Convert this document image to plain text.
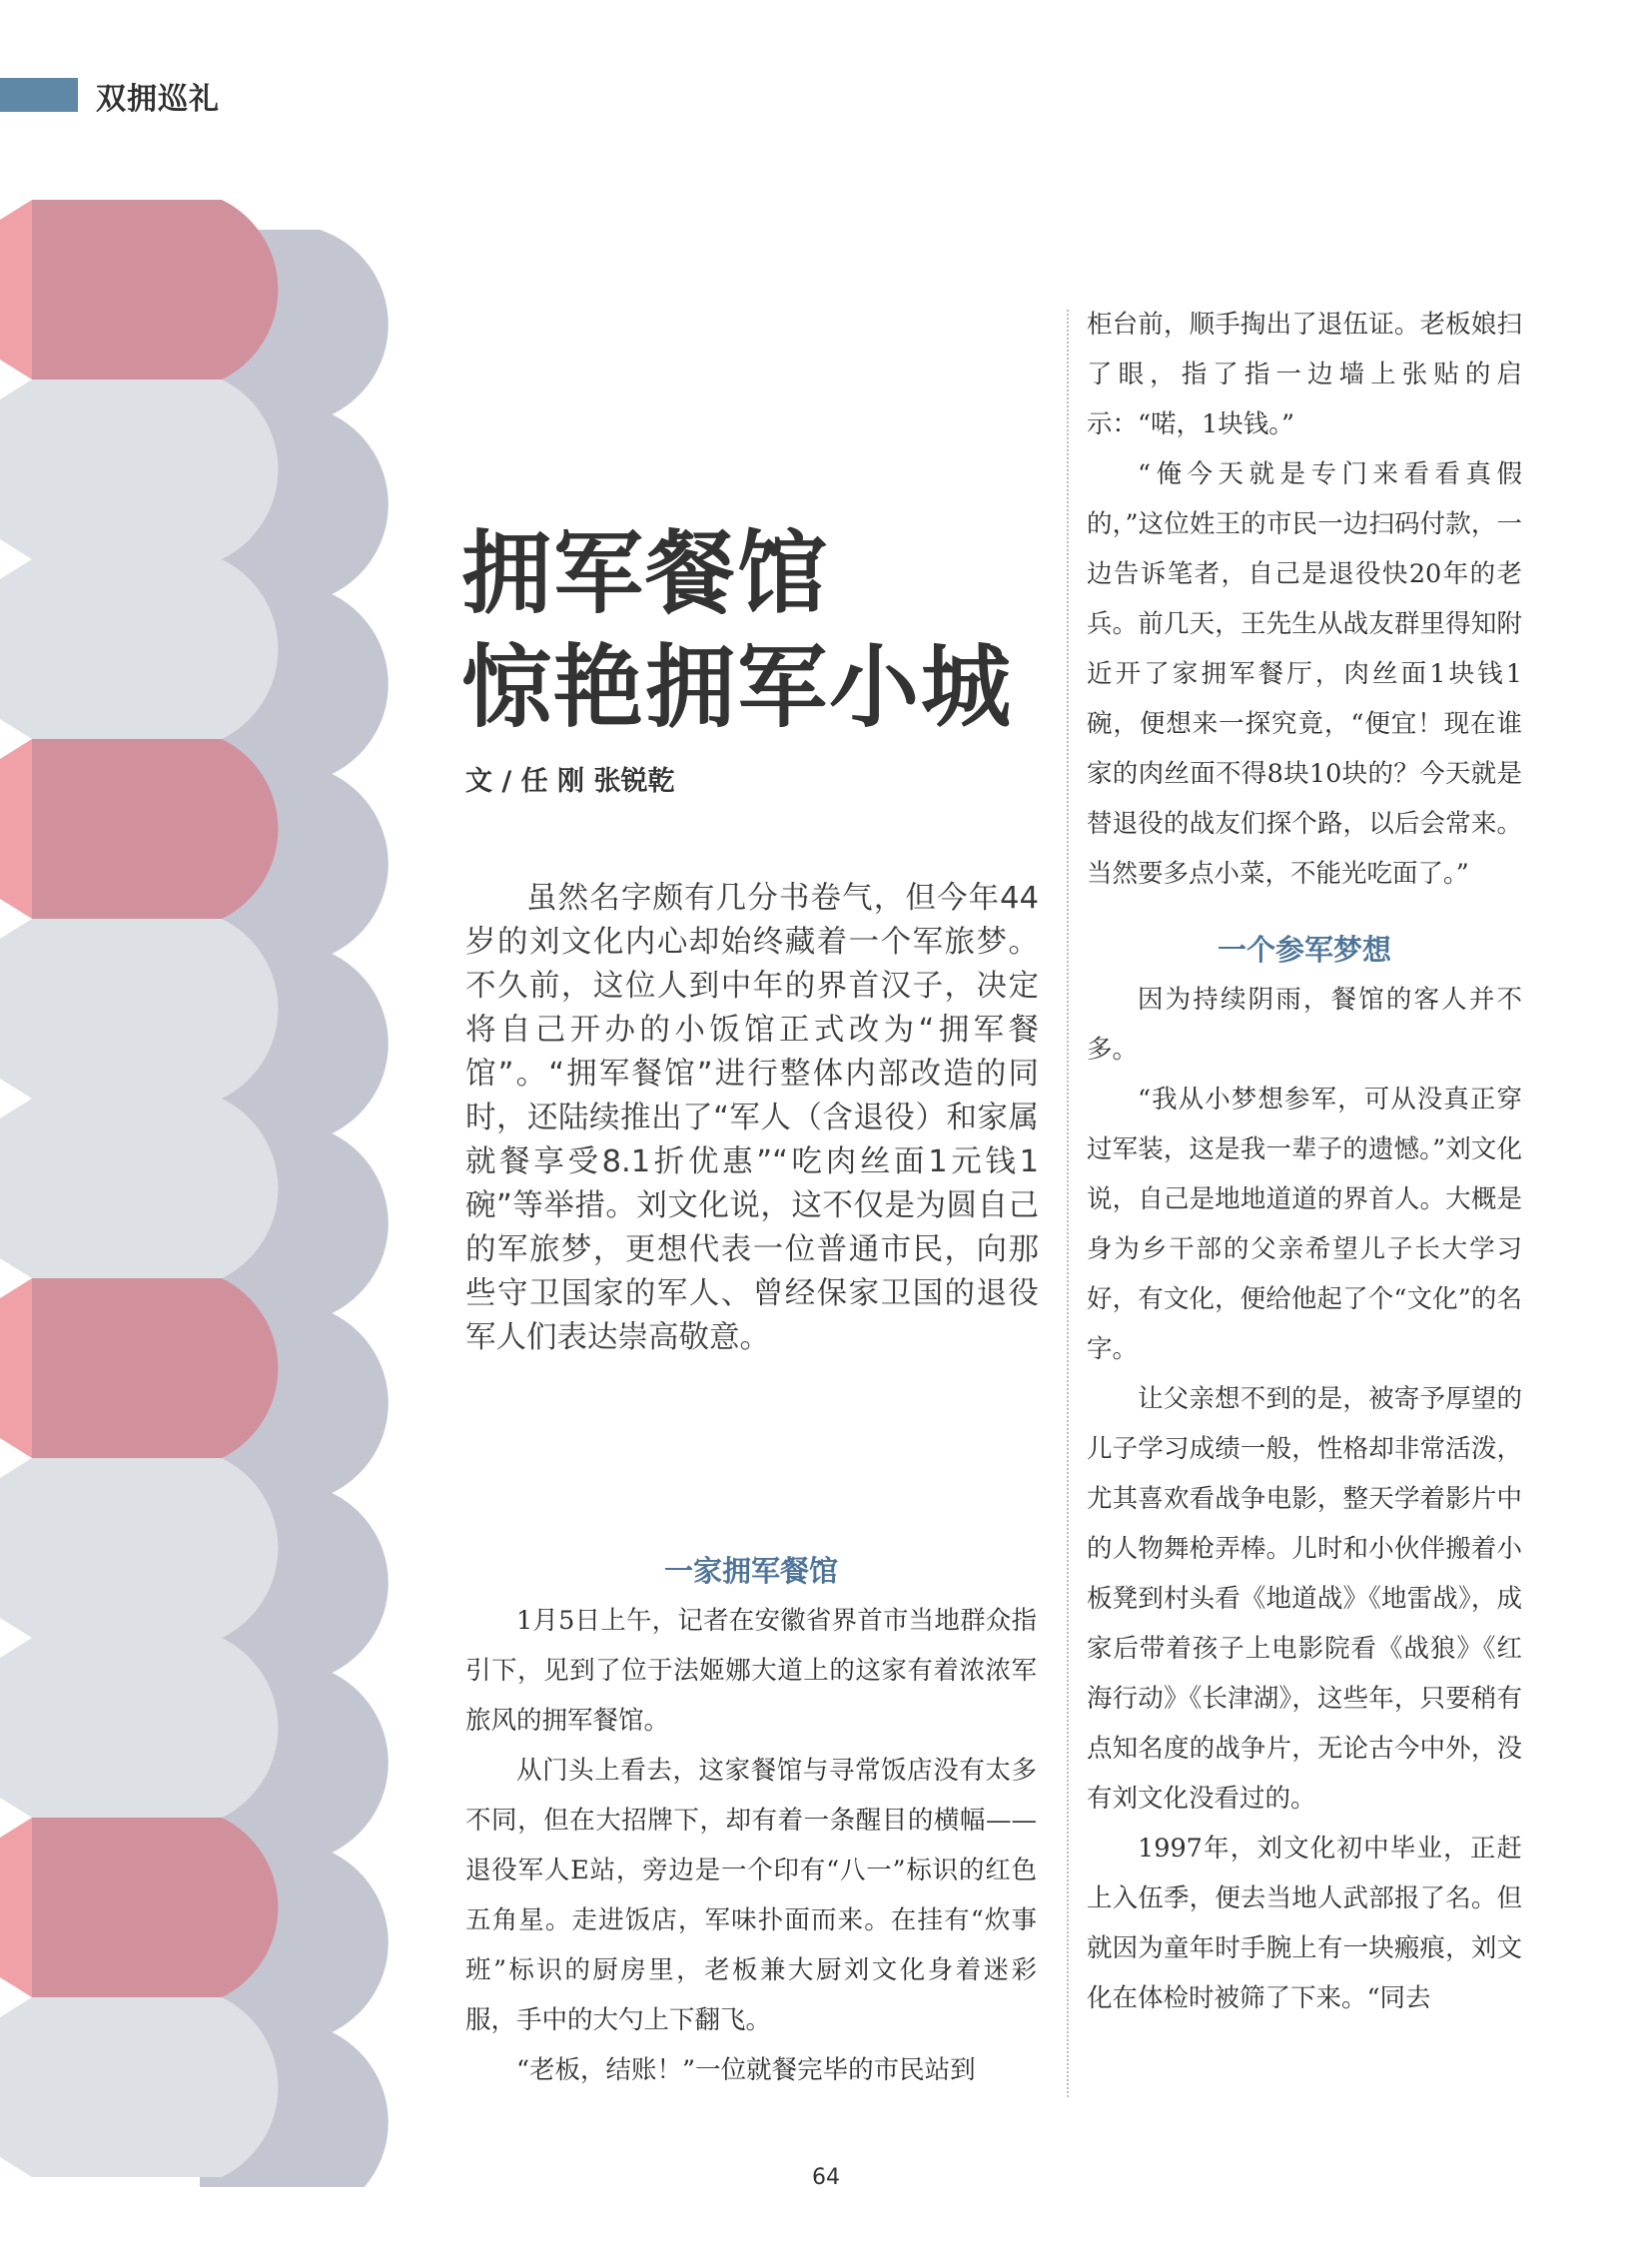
双拥巡礼
拥军餐馆
惊艳拥军小城
文 / 任 刚 张锐乾

虽然名字颇有几分书卷气，但今年44岁的刘文化内心却始终藏着一个军旅梦。不久前，这位人到中年的界首汉子，决定将自己开办的小饭馆正式改为“拥军餐馆”。“拥军餐馆”进行整体内部改造的同时，还陆续推出了“军人（含退役）和家属就餐享受8.1折优惠”“吃肉丝面1元钱1碗”等举措。刘文化说，这不仅是为圆自己的军旅梦，更想代表一位普通市民，向那些守卫国家的军人、曾经保家卫国的退役军人们表达崇高敬意。

一家拥军餐馆

1月5日上午，记者在安徽省界首市当地群众指引下，见到了位于法姬娜大道上的这家有着浓浓军旅风的拥军餐馆。

从门头上看去，这家餐馆与寻常饭店没有太多不同，但在大招牌下，却有着一条醒目的横幅——退役军人E站，旁边是一个印有“八一”标识的红色五角星。走进饭店，军味扑面而来。在挂有“炊事班”标识的厨房里，老板兼大厨刘文化身着迷彩服，手中的大勺上下翻飞。

“老板，结账！”一位就餐完毕的市民站到

柜台前，顺手掏出了退伍证。老板娘扫了眼，指了指一边墙上张贴的启示：“喏，1块钱。”

“俺今天就是专门来看看真假的，”这位姓王的市民一边扫码付款，一边告诉笔者，自己是退役快20年的老兵。前几天，王先生从战友群里得知附近开了家拥军餐厅，肉丝面1块钱1碗，便想来一探究竟，“便宜！现在谁家的肉丝面不得8块10块的？今天就是替退役的战友们探个路，以后会常来。当然要多点小菜，不能光吃面了。”

一个参军梦想

因为持续阴雨，餐馆的客人并不多。

“我从小梦想参军，可从没真正穿过军装，这是我一辈子的遗憾。”刘文化说，自己是地地道道的界首人。大概是身为乡干部的父亲希望儿子长大学习好，有文化，便给他起了个“文化”的名字。

让父亲想不到的是，被寄予厚望的儿子学习成绩一般，性格却非常活泼，尤其喜欢看战争电影，整天学着影片中的人物舞枪弄棒。儿时和小伙伴搬着小板凳到村头看《地道战》《地雷战》，成家后带着孩子上电影院看《战狼》《红海行动》《长津湖》，这些年，只要稍有点知名度的战争片，无论古今中外，没有刘文化没看过的。

1997年，刘文化初中毕业，正赶上入伍季，便去当地人武部报了名。但就因为童年时手腕上有一块瘢痕，刘文化在体检时被筛了下来。“同去

64
